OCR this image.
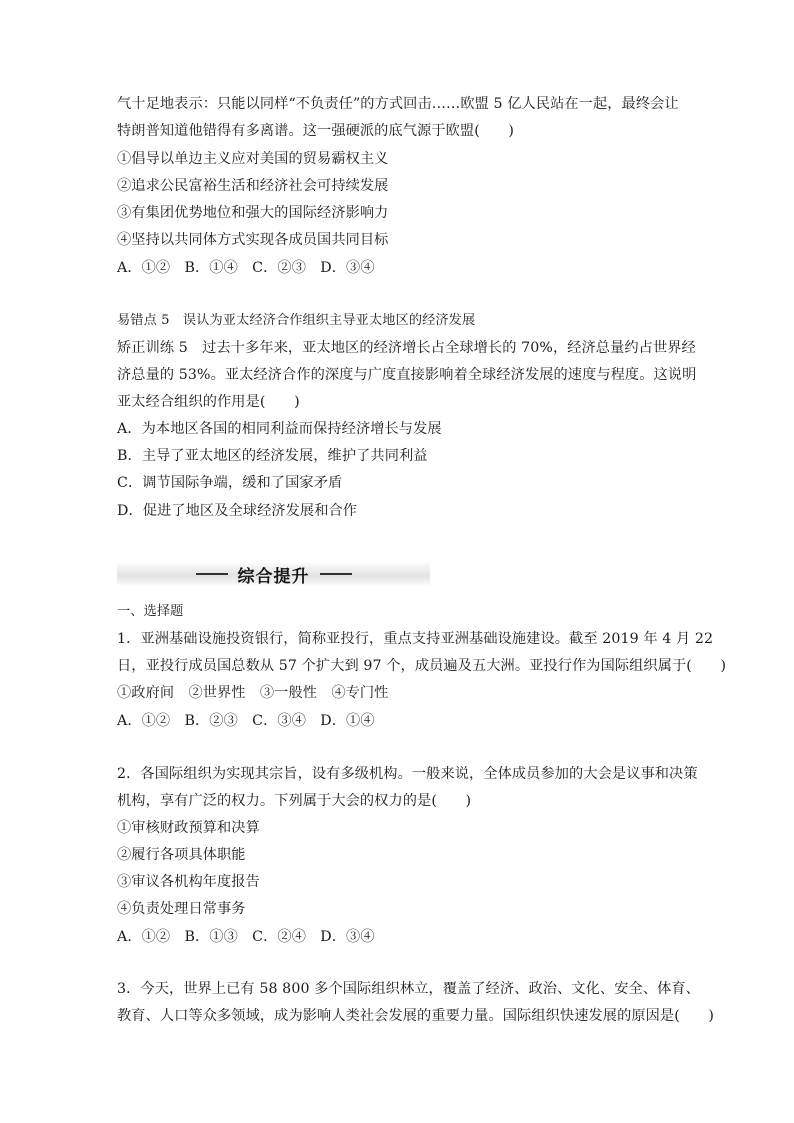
气十足地表示：只能以同样“不负责任”的方式回击……欧盟 5 亿人民站在一起，最终会让
特朗普知道他错得有多离谱。这一强硬派的底气源于欧盟(　　)
①倡导以单边主义应对美国的贸易霸权主义
②追求公民富裕生活和经济社会可持续发展
③有集团优势地位和强大的国际经济影响力
④坚持以共同体方式实现各成员国共同目标
A．①②　B．①④　C．②③　D．③④
易错点 5　误认为亚太经济合作组织主导亚太地区的经济发展
矫正训练 5　过去十多年来，亚太地区的经济增长占全球增长的 70%，经济总量约占世界经
济总量的 53%。亚太经济合作的深度与广度直接影响着全球经济发展的速度与程度。这说明
亚太经合组织的作用是(　　)
A．为本地区各国的相同利益而保持经济增长与发展
B．主导了亚太地区的经济发展，维护了共同利益
C．调节国际争端，缓和了国家矛盾
D．促进了地区及全球经济发展和合作
综合提升
一、选择题
1．亚洲基础设施投资银行，简称亚投行，重点支持亚洲基础设施建设。截至 2019 年 4 月 22
日，亚投行成员国总数从 57 个扩大到 97 个，成员遍及五大洲。亚投行作为国际组织属于(　　)
①政府间　②世界性　③一般性　④专门性
A．①②　B．②③　C．③④　D．①④
2．各国际组织为实现其宗旨，设有多级机构。一般来说，全体成员参加的大会是议事和决策
机构，享有广泛的权力。下列属于大会的权力的是(　　)
①审核财政预算和决算
②履行各项具体职能
③审议各机构年度报告
④负责处理日常事务
A．①②　B．①③　C．②④　D．③④
3．今天，世界上已有 58 800 多个国际组织林立，覆盖了经济、政治、文化、安全、体育、
教育、人口等众多领域，成为影响人类社会发展的重要力量。国际组织快速发展的原因是(　　)
